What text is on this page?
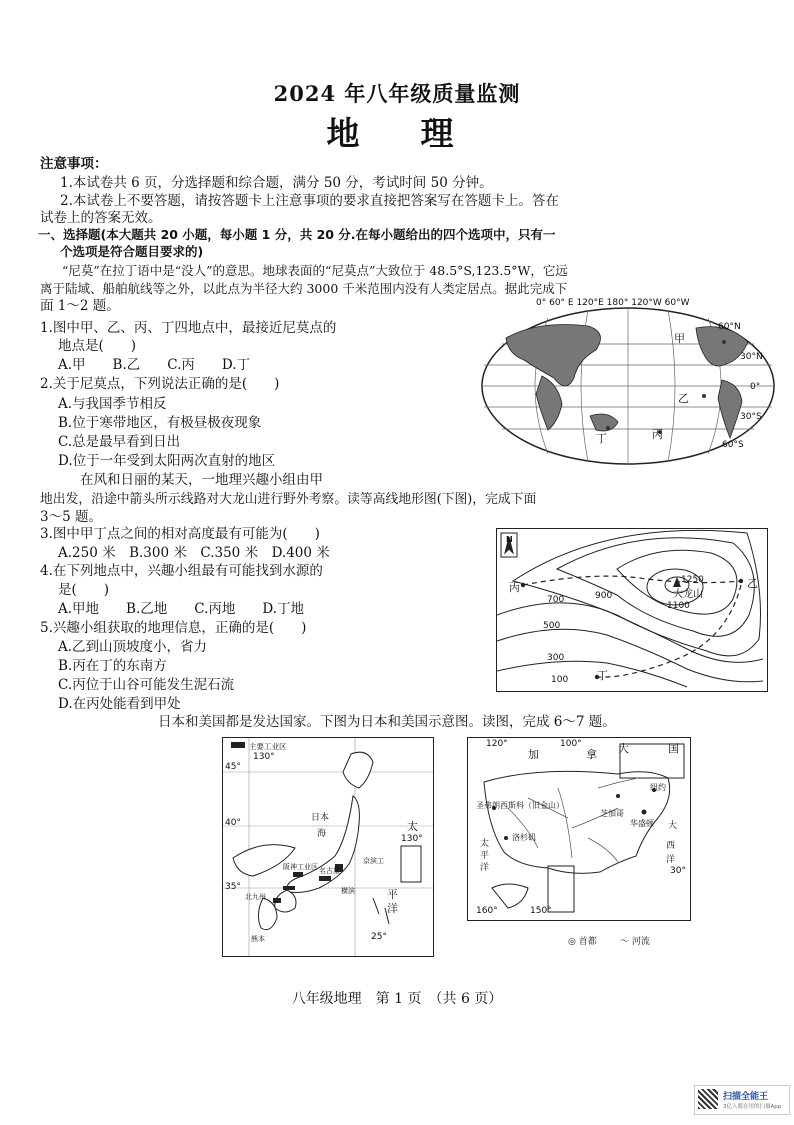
2024 年八年级质量监测
地　理
注意事项：
1.本试卷共 6 页，分选择题和综合题，满分 50 分，考试时间 50 分钟。
2.本试卷上不要答题，请按答题卡上注意事项的要求直接把答案写在答题卡上。答在
试卷上的答案无效。
一、选择题(本大题共 20 小题，每小题 1 分，共 20 分.在每小题给出的四个选项中，只有一
个选项是符合题目要求的)
“尼莫”在拉丁语中是“没人”的意思。地球表面的“尼莫点”大致位于 48.5°S,123.5°W，它远
离于陆域、船舶航线等之外，以此点为半径大约 3000 千米范围内没有人类定居点。据此完成下
面 1～2 题。
1.图中甲、乙、丙、丁四地点中，最接近尼莫点的
地点是(　　)
A.甲　　B.乙　　C.丙　　D.丁
2.关于尼莫点，下列说法正确的是(　　)
A.与我国季节相反
B.位于寒带地区，有极昼极夜现象
C.总是最早看到日出
D.位于一年受到太阳两次直射的地区
0° 60° E 120°E 180° 120°W 60°W
60°N
30°N
0°
30°S
60°S
甲
乙
丙
丁
在风和日丽的某天，一地理兴趣小组由甲
地出发，沿途中箭头所示线路对大龙山进行野外考察。读等高线地形图(下图)，完成下面
3～5 题。
3.图中甲丁点之间的相对高度最有可能为(　　)
A.250 米　B.300 米　C.350 米　D.400 米
4.在下列地点中，兴趣小组最有可能找到水源的
是(　　)
A.甲地　　B.乙地　　C.丙地　　D.丁地
5.兴趣小组获取的地理信息，正确的是(　　)
A.乙到山顶坡度小，省力
B.丙在丁的东南方
C.丙位于山谷可能发生泥石流
D.在丙处能看到甲处
N
1250
大龙山
1100
900
700
500
300
100
丙	乙
丁
日本和美国都是发达国家。下图为日本和美国示意图。读图，完成 6～7 题。
主要工业区
130°
45°
40°
35°
25°
日本
海
太
平
洋
阪神工业区 名古屋
京滨工
横滨
北九州
熊本
130°
120°	100°
加	拿 大	国
圣弗朗西斯科（旧金山）
芝加哥
纽约
洛杉矶
华盛顿
太
平
洋
大
西
洋
30°
160°	150°
◎ 首都	〜 河流
八年级地理　第 1 页　（共 6 页）
扫描全能王
3亿人都在用的扫描App
